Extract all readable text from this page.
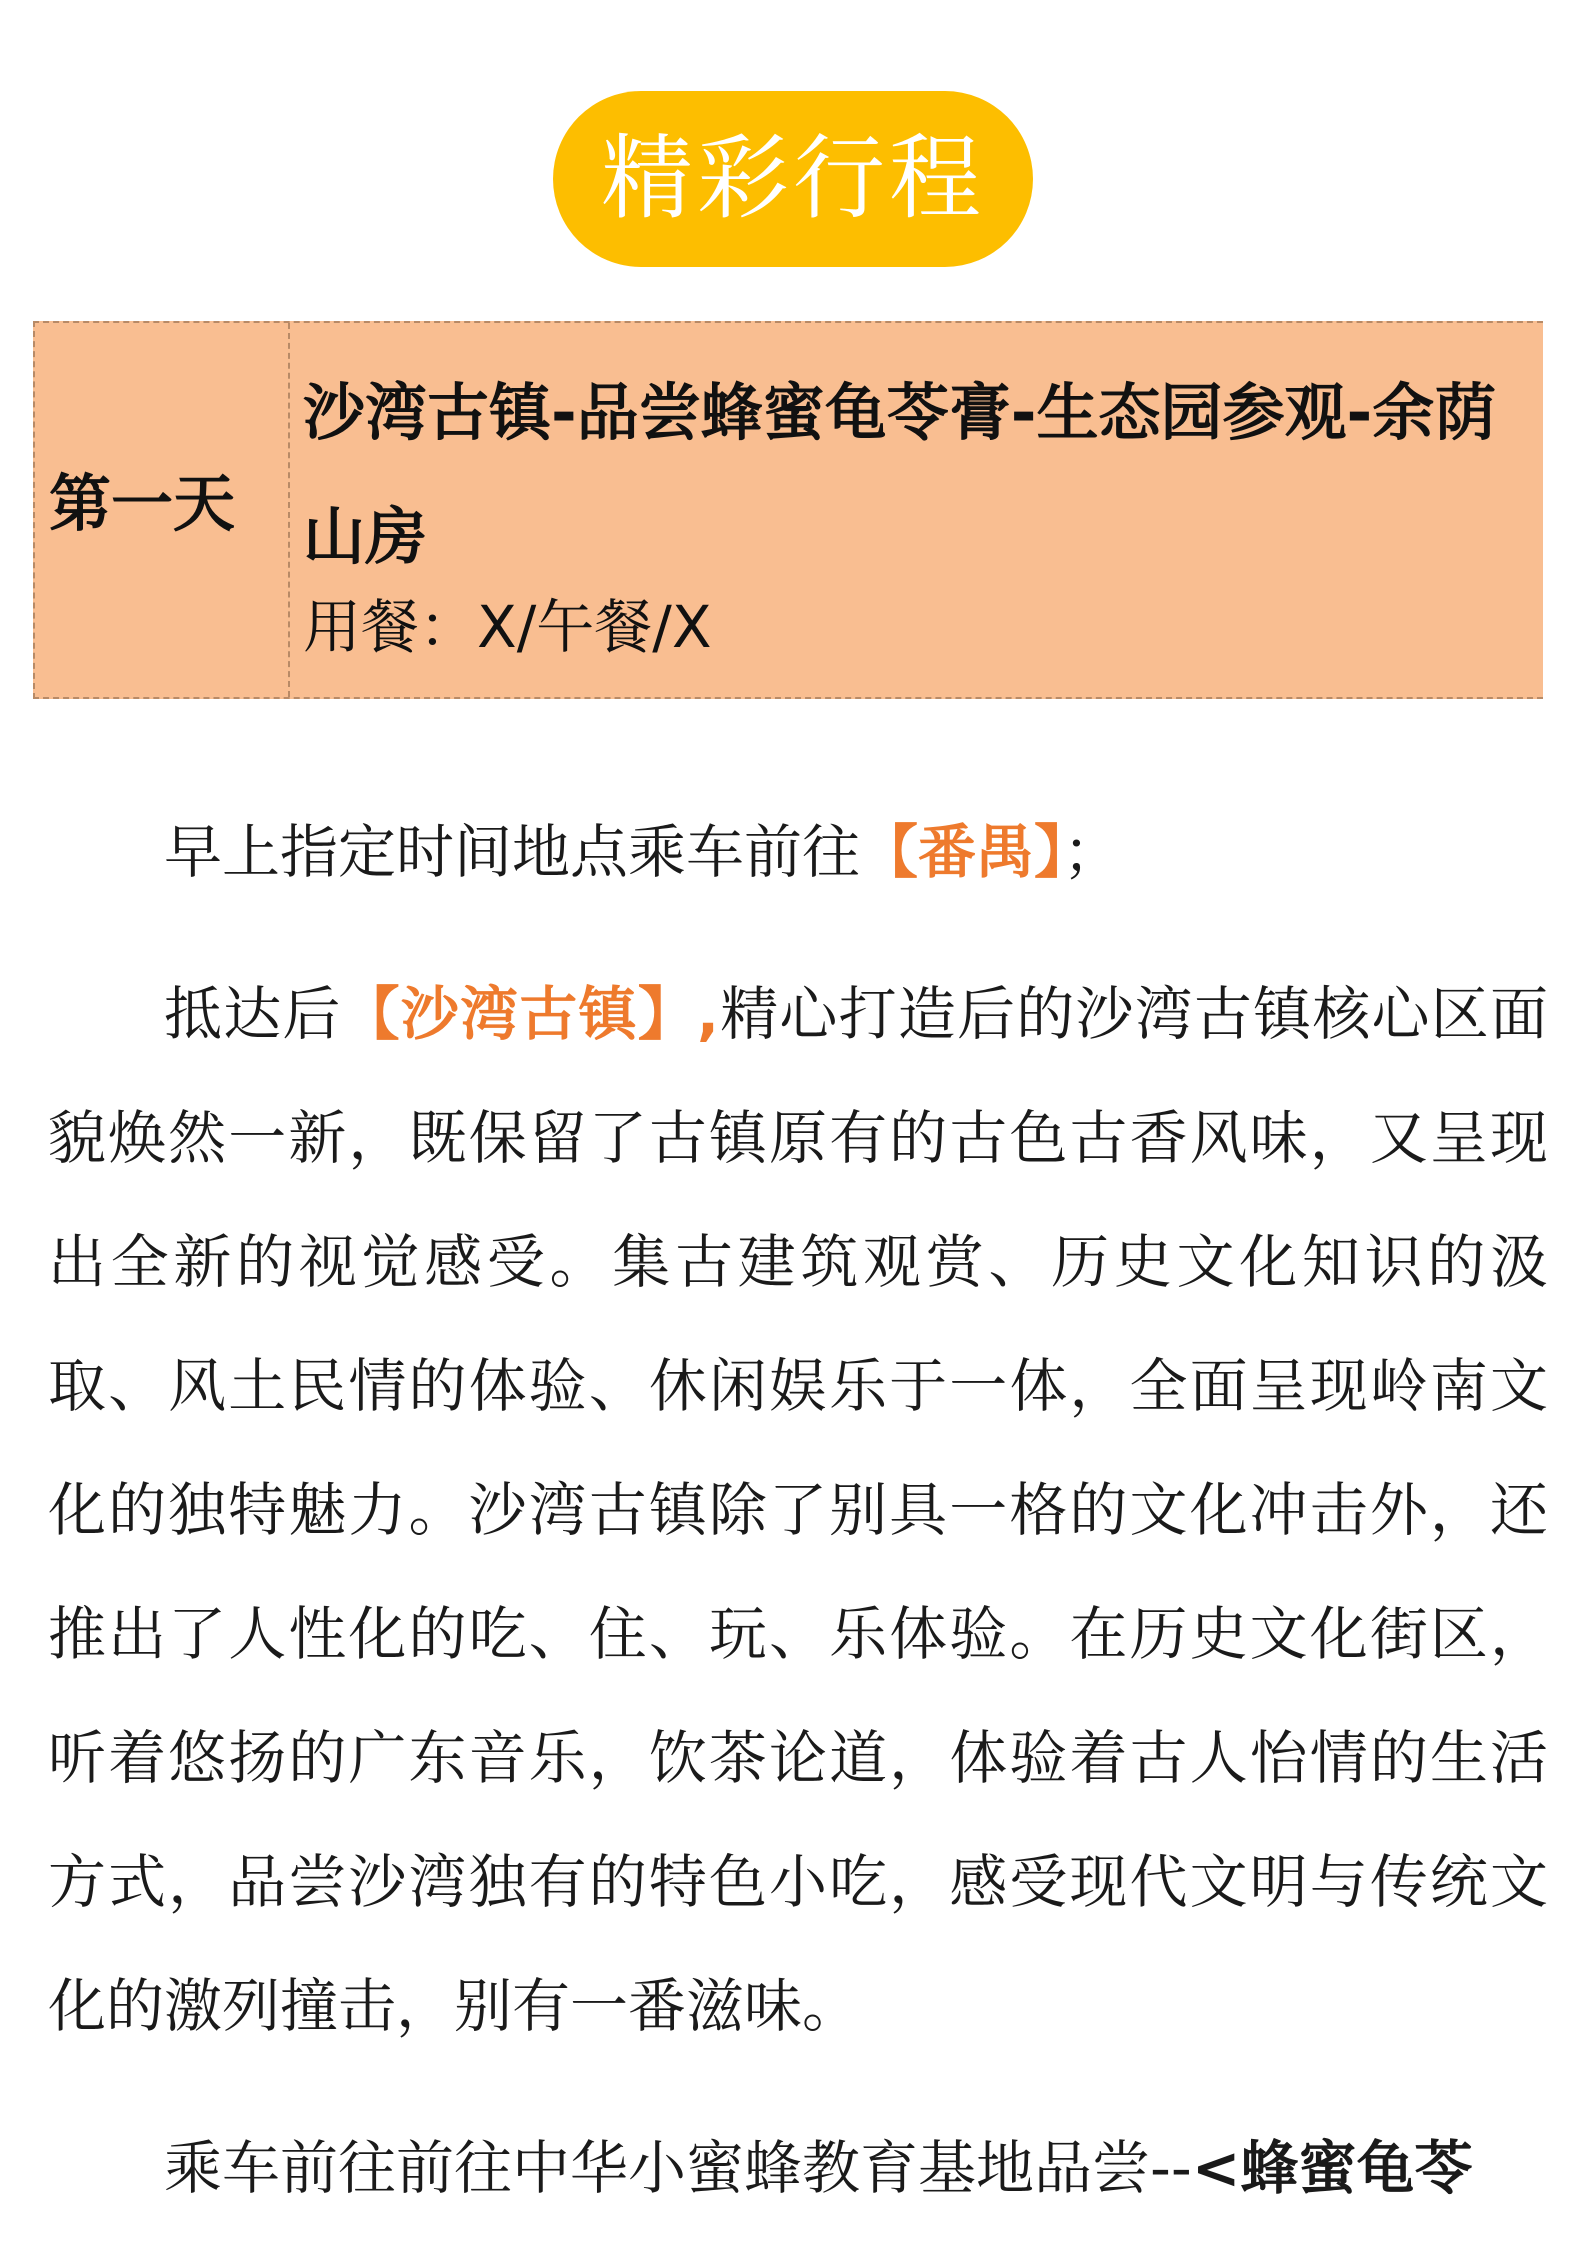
精彩行程
第一天
沙湾古镇-品尝蜂蜜龟苓膏-生态园参观-余荫山房
用餐：X/午餐/X

早上指定时间地点乘车前往【番禺】；

抵达后【沙湾古镇】,精心打造后的沙湾古镇核心区面貌焕然一新，既保留了古镇原有的古色古香风味，又呈现出全新的视觉感受。集古建筑观赏、历史文化知识的汲取、风土民情的体验、休闲娱乐于一体，全面呈现岭南文化的独特魅力。沙湾古镇除了别具一格的文化冲击外，还推出了人性化的吃、住、玩、乐体验。在历史文化街区，听着悠扬的广东音乐，饮茶论道，体验着古人怡情的生活方式，品尝沙湾独有的特色小吃，感受现代文明与传统文化的激列撞击，别有一番滋味。

乘车前往前往中华小蜜蜂教育基地品尝--<蜂蜜龟苓
